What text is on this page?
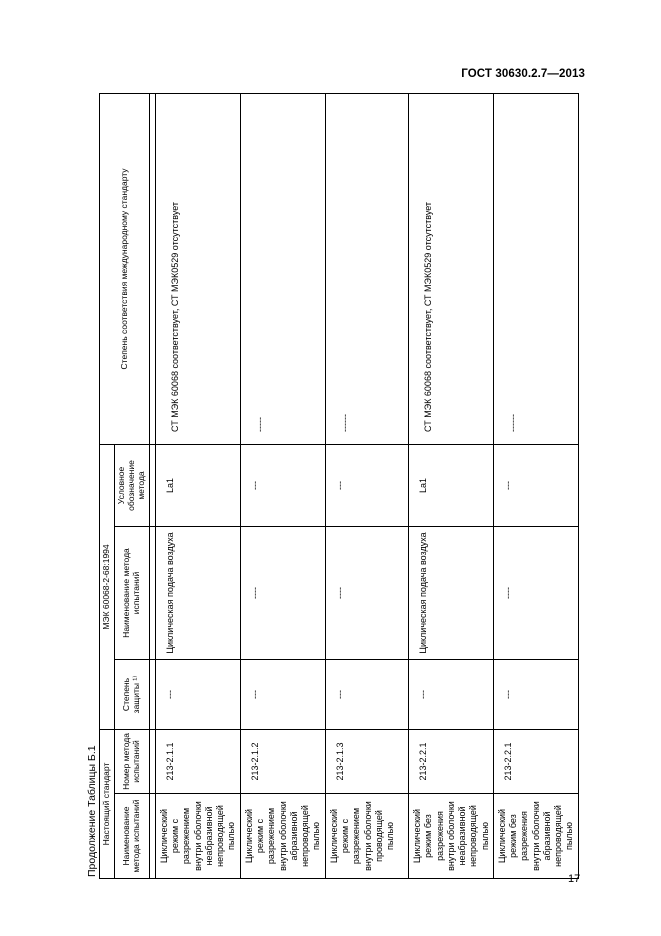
ГОСТ 30630.2.7—2013
Продолжение Таблицы Б.1 Настоящий стандарт		МЭК 60068-2-68:1994			Степень соответствия международному стандарту
Наименование метода испытаний	Номер метода испытаний	Степень защиты ¹⁾	Наименование метода испытаний	Условное обозначение метода	

Циклический режим с разрежением внутри оболочки неабразивной непроводящей пылью	213-2.1.1	---	Циклическая подача воздуха	La1	СТ МЭК 60068 соответствует, СТ МЭК0529 отсутствует
Циклический режим с разрежением внутри оболочки абразивной непроводящей пылью	213-2.1.2	---	----	---	-----
Циклический режим с разрежением внутри оболочки проводящей пылью	213-2.1.3	---	----	---	------
Циклический режим без разрежения внутри оболочки неабразивной непроводящей пылью	213-2.2.1	---	Циклическая подача воздуха	La1	СТ МЭК 60068 соответствует, СТ МЭК0529 отсутствует
Циклический режим без разрежения внутри оболочки абразивной непроводящей пылью	213-2.2.1	---	----	---	------
17
